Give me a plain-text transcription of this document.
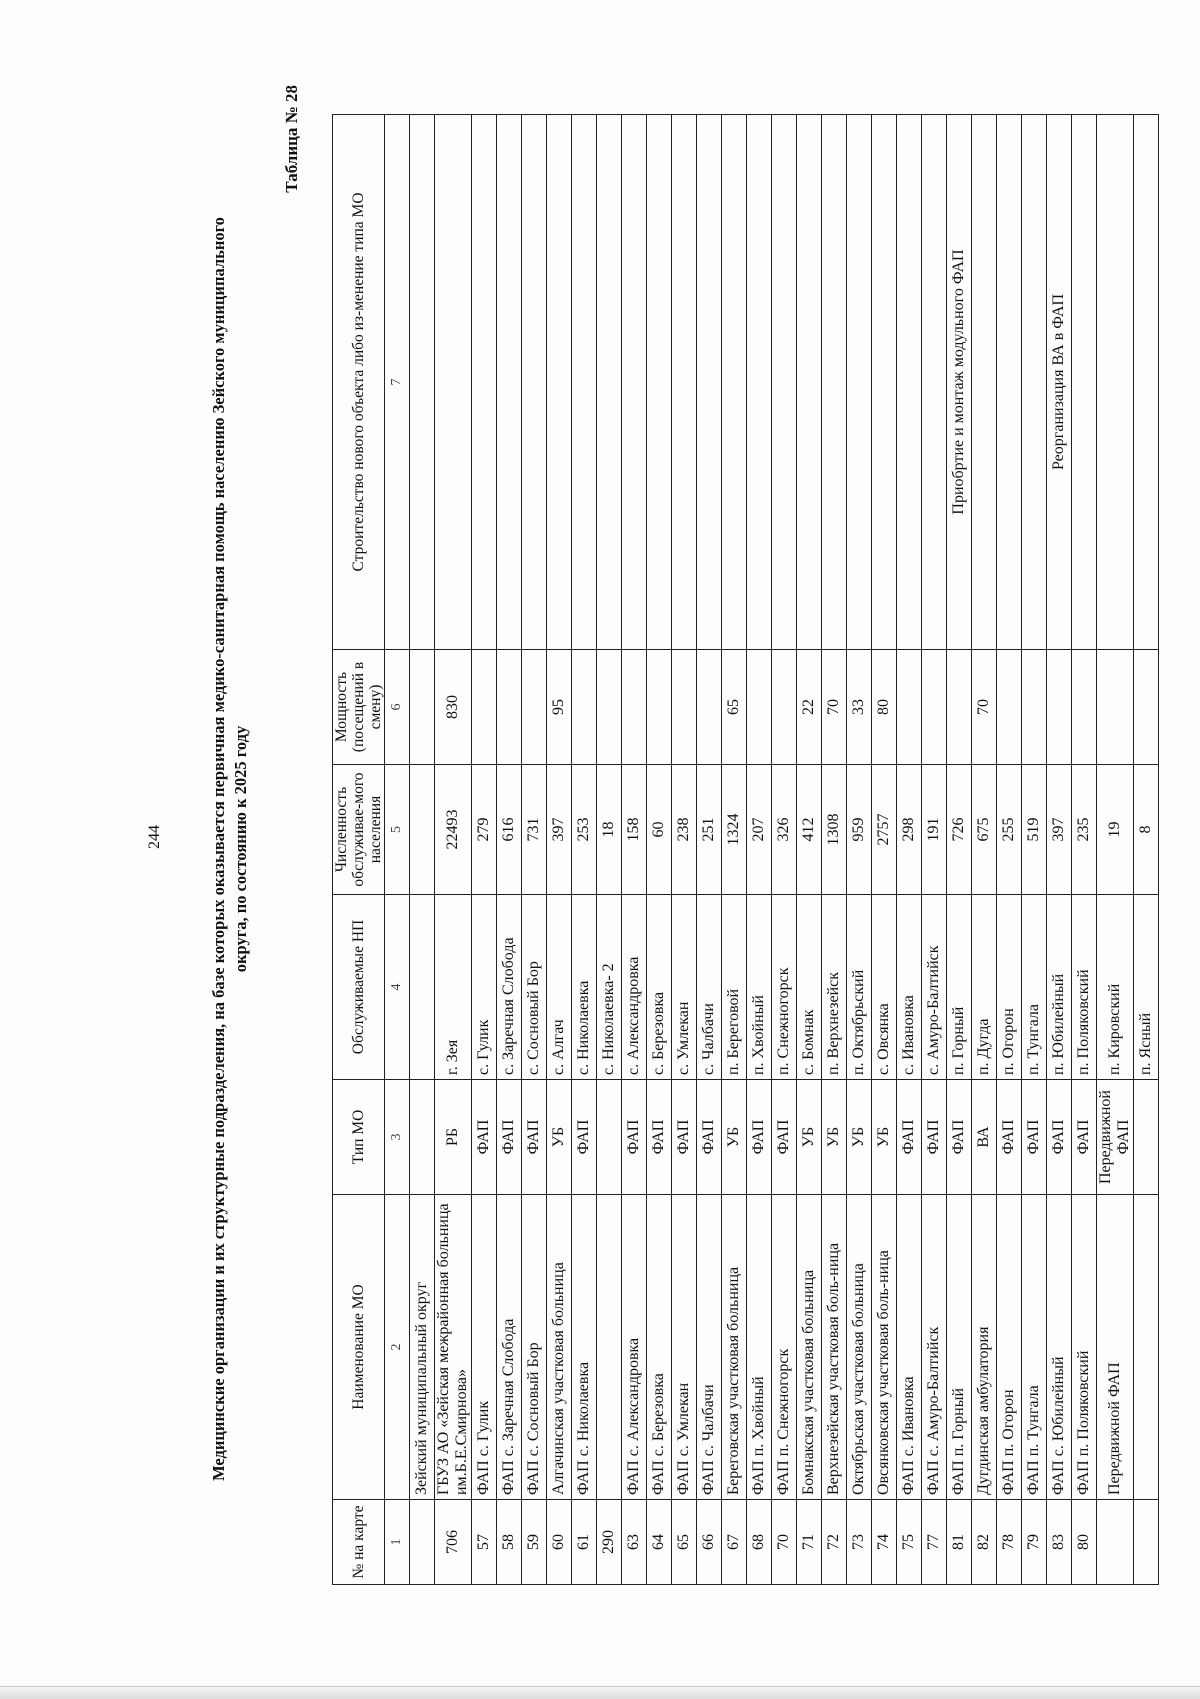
244	Медицинские организации и их структурные подразделения, на базе которых оказывается первичная медико-санитарная помощь населению Зейского муниципального округа, по состоянию к 2025 году
Таблица № 28
№ на карте	Наименование МО	Тип МО	Обслуживаемые НП	Численность обслуживае-мого населения	Мощность (посещений в смену)	Строительство нового объекта либо из-менение типа МО
1	2	3	4	5	6	7
	Зейский муниципальный округ					
706	ГБУЗ АО «Зейская межрайонная больница им.Б.Е.Смирнова»	РБ	г. Зея	22493	830	
57	ФАП с. Гулик	ФАП	с. Гулик	279		
58	ФАП с. Заречная Слобода	ФАП	с. Заречная Слобода	616		
59	ФАП с. Сосновый Бор	ФАП	с. Сосновый Бор	731		
60	Алгачинская участковая больница	УБ	с. Алгач	397	95	
61	ФАП с. Николаевка	ФАП	с. Николаевка	253		
290			с. Николаевка- 2	18		
63	ФАП с. Александровка	ФАП	с. Александровка	158		
64	ФАП с. Березовка	ФАП	с. Березовка	60		
65	ФАП с. Умлекан	ФАП	с. Умлекан	238		
66	ФАП с. Чалбачи	ФАП	с. Чалбачи	251		
67	Береговская участковая больница	УБ	п. Береговой	1324	65	
68	ФАП п. Хвойный	ФАП	п. Хвойный	207		
70	ФАП п. Снежногорск	ФАП	п. Снежногорск	326		
71	Бомнакская участковая больница	УБ	с. Бомнак	412	22	
72	Верхнезейская участковая боль-ница	УБ	п. Верхнезейск	1308	70	
73	Октябрьская участковая больница	УБ	п. Октябрьский	959	33	
74	Овсянковская участковая боль-ница	УБ	с. Овсянка	2757	80	
75	ФАП с. Ивановка	ФАП	с. Ивановка	298		
77	ФАП с. Амуро-Балтийск	ФАП	с. Амуро-Балтийск	191		
81	ФАП п. Горный	ФАП	п. Горный	726		Приобртие и монтаж модульного ФАП
82	Дугдинская амбулатория	ВА	п. Дугда	675	70	
78	ФАП п. Огорон	ФАП	п. Огорон	255		
79	ФАП п. Тунгала	ФАП	п. Тунгала	519		
83	ФАП с. Юбилейный	ФАП	п. Юбилейный	397		Реорганизация ВА в ФАП
80	ФАП п. Поляковский	ФАП	п. Поляковский	235		
	Передвижной ФАП	Передвижной ФАП	п. Кировский	19		
			п. Ясный	8		
